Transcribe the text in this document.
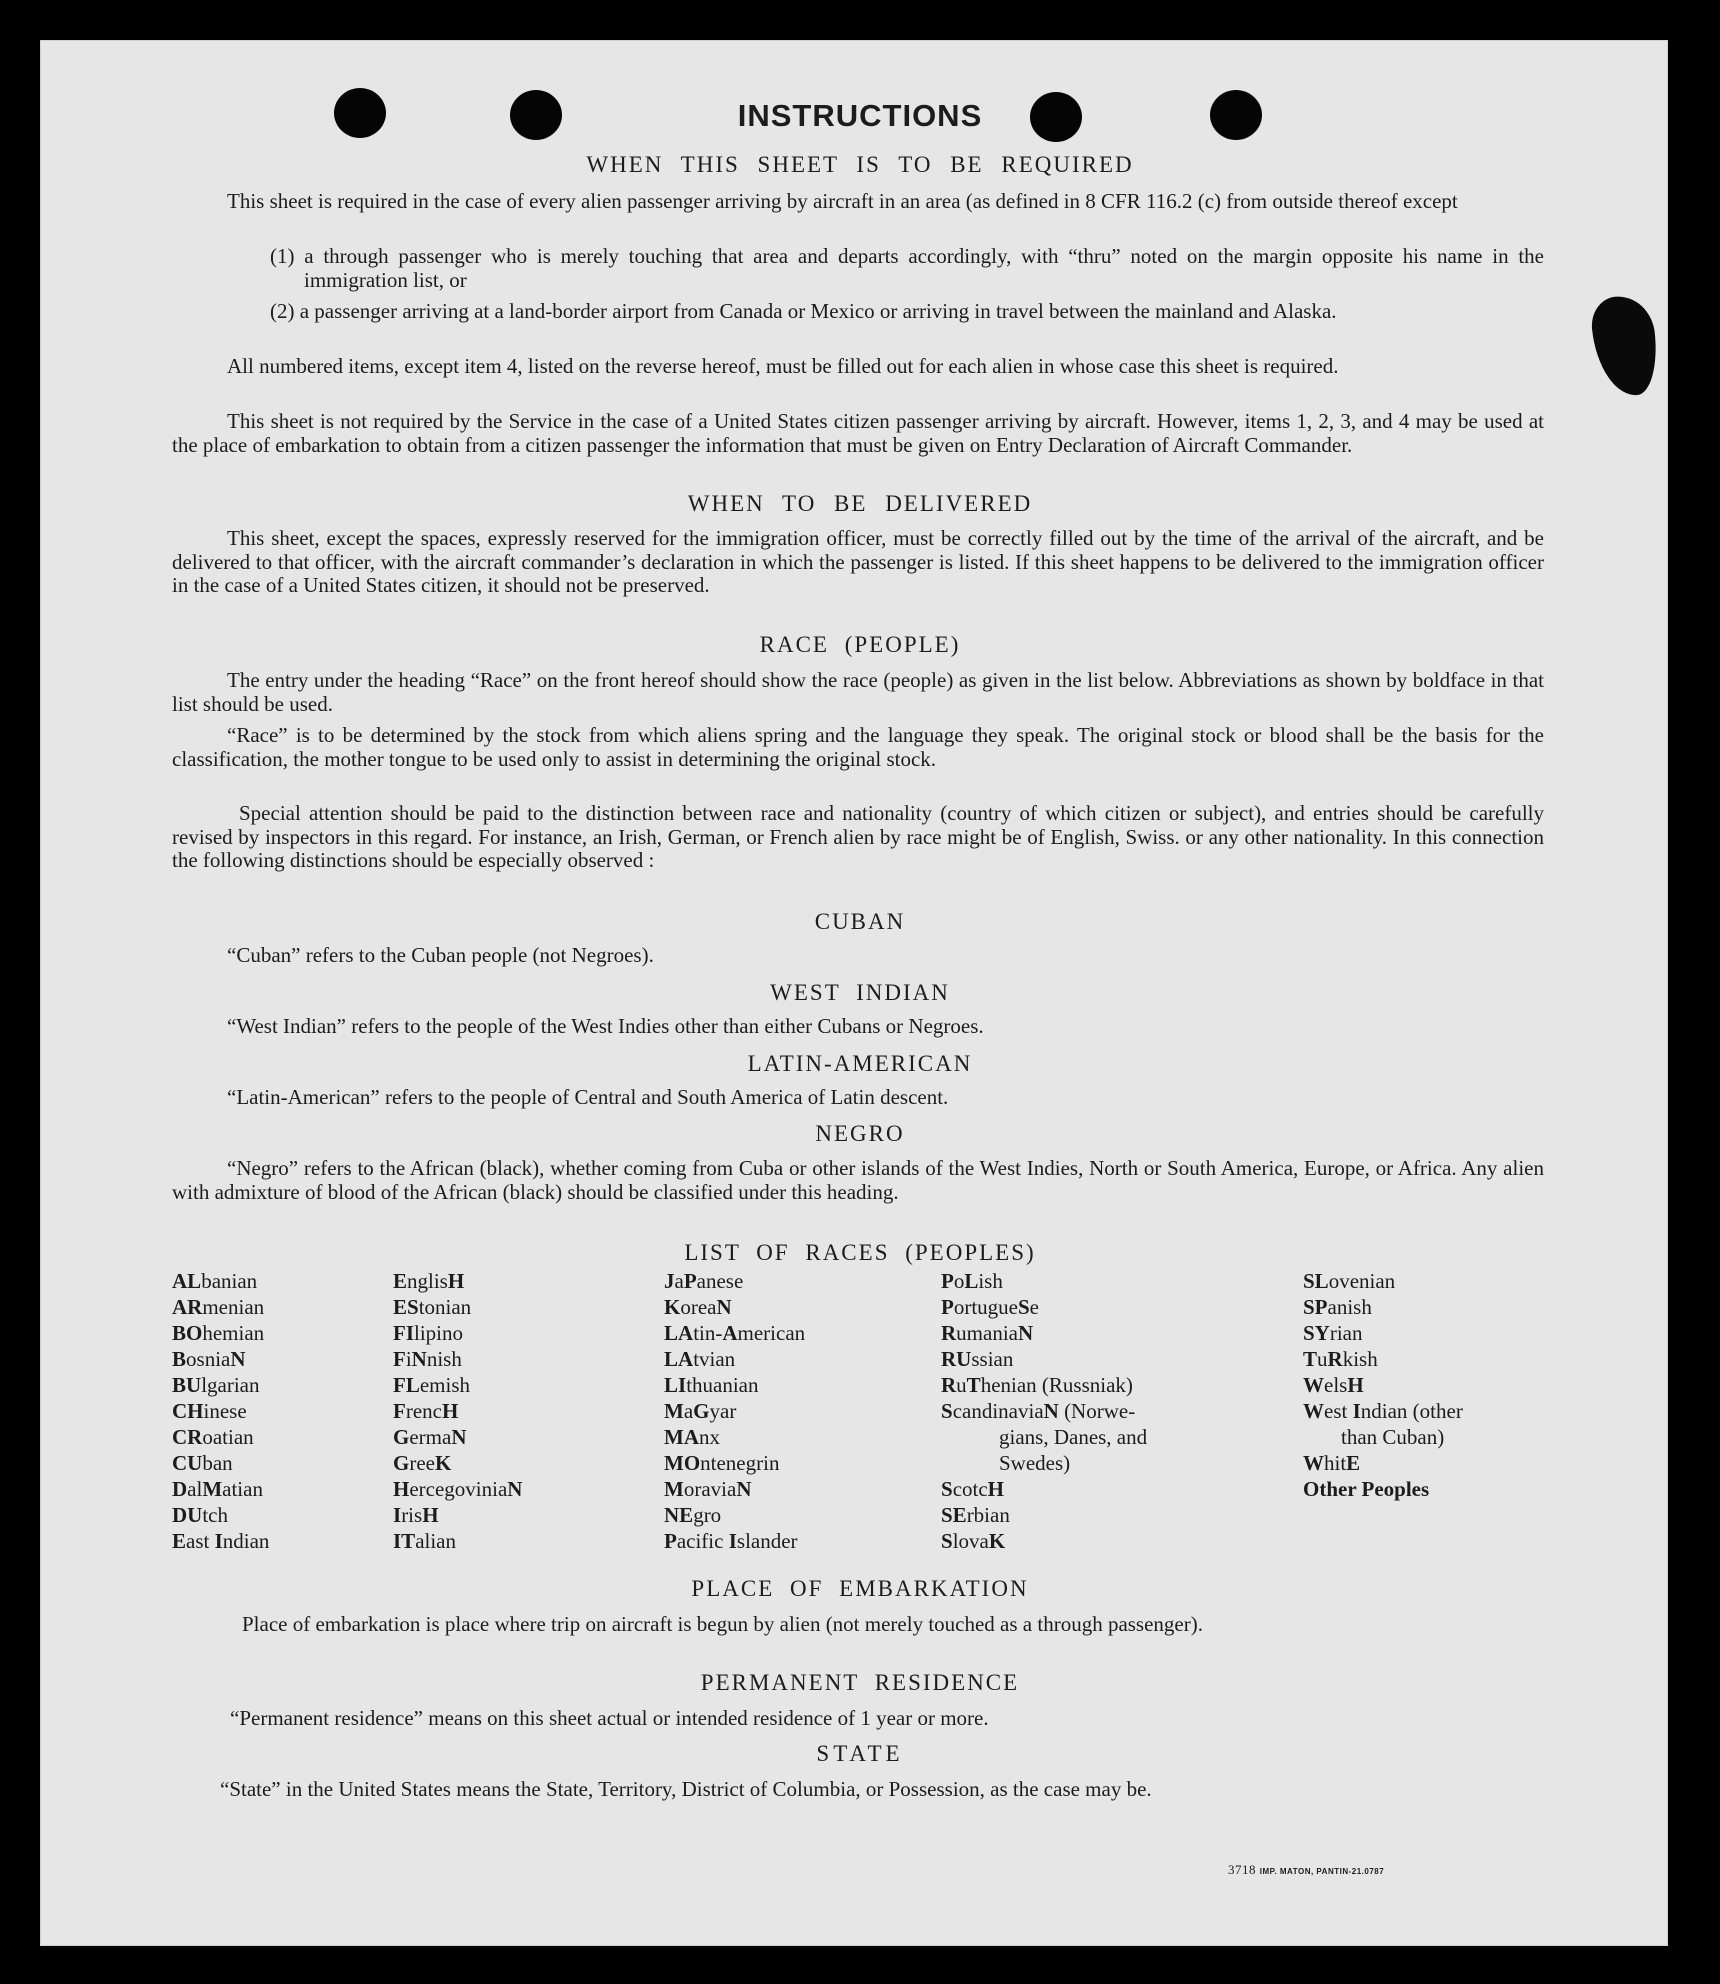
INSTRUCTIONS
WHEN THIS SHEET IS TO BE REQUIRED

This sheet is required in the case of every alien passenger arriving by aircraft in an area (as defined in 8 CFR 116.2 (c) from outside thereof except

(1) a through passenger who is merely touching that area and departs accordingly, with “thru” noted on the margin opposite his name in the immigration list, or

(2) a passenger arriving at a land-border airport from Canada or Mexico or arriving in travel between the mainland and Alaska.

All numbered items, except item 4, listed on the reverse hereof, must be filled out for each alien in whose case this sheet is required.

This sheet is not required by the Service in the case of a United States citizen passenger arriving by aircraft. However, items 1, 2, 3, and 4 may be used at the place of embarkation to obtain from a citizen passenger the information that must be given on Entry Declaration of Aircraft Commander.

WHEN TO BE DELIVERED

This sheet, except the spaces, expressly reserved for the immigration officer, must be correctly filled out by the time of the arrival of the aircraft, and be delivered to that officer, with the aircraft commander’s declaration in which the passenger is listed. If this sheet happens to be delivered to the immigration officer in the case of a United States citizen, it should not be preserved.

RACE (PEOPLE)

The entry under the heading “Race” on the front hereof should show the race (people) as given in the list below. Abbreviations as shown by boldface in that list should be used.

“Race” is to be determined by the stock from which aliens spring and the language they speak. The original stock or blood shall be the basis for the classification, the mother tongue to be used only to assist in determining the original stock.

Special attention should be paid to the distinction between race and nationality (country of which citizen or subject), and entries should be carefully revised by inspectors in this regard. For instance, an Irish, German, or French alien by race might be of English, Swiss. or any other nationality. In this connection the following distinctions should be especially observed :

CUBAN

“Cuban” refers to the Cuban people (not Negroes).

WEST INDIAN

“West Indian” refers to the people of the West Indies other than either Cubans or Negroes.

LATIN-AMERICAN

“Latin-American” refers to the people of Central and South America of Latin descent.

NEGRO

“Negro” refers to the African (black), whether coming from Cuba or other islands of the West Indies, North or South America, Europe, or Africa. Any alien with admixture of blood of the African (black) should be classified under this heading.

LIST OF RACES (PEOPLES)
ALbanian
ARmenian
BOhemian
BosniaN
BUlgarian
CHinese
CRoatian
CUban
DalMatian
DUtch
East Indian
EnglisH
EStonian
FIlipino
FiNnish
FLemish
FrencH
GermaN
GreeK
HercegoviniaN
IrisH
ITalian
JaPanese
KoreaN
LAtin-American
LAtvian
LIthuanian
MaGyar
MAnx
MOntenegrin
MoraviaN
NEgro
Pacific Islander
PoLish
PortugueSe
RumaniaN
RUssian
RuThenian (Russniak)
ScandinaviaN (Norwe-
gians, Danes, and
Swedes)
ScotcH
SErbian
SlovaK
SLovenian
SPanish
SYrian
TuRkish
WelsH
West Indian (other
than Cuban)
WhitE
Other Peoples
PLACE OF EMBARKATION

Place of embarkation is place where trip on aircraft is begun by alien (not merely touched as a through passenger).

PERMANENT RESIDENCE

“Permanent residence” means on this sheet actual or intended residence of 1 year or more.

STATE

“State” in the United States means the State, Territory, District of Columbia, or Possession, as the case may be.

3718 IMP. MATON, PANTIN-21.0787
